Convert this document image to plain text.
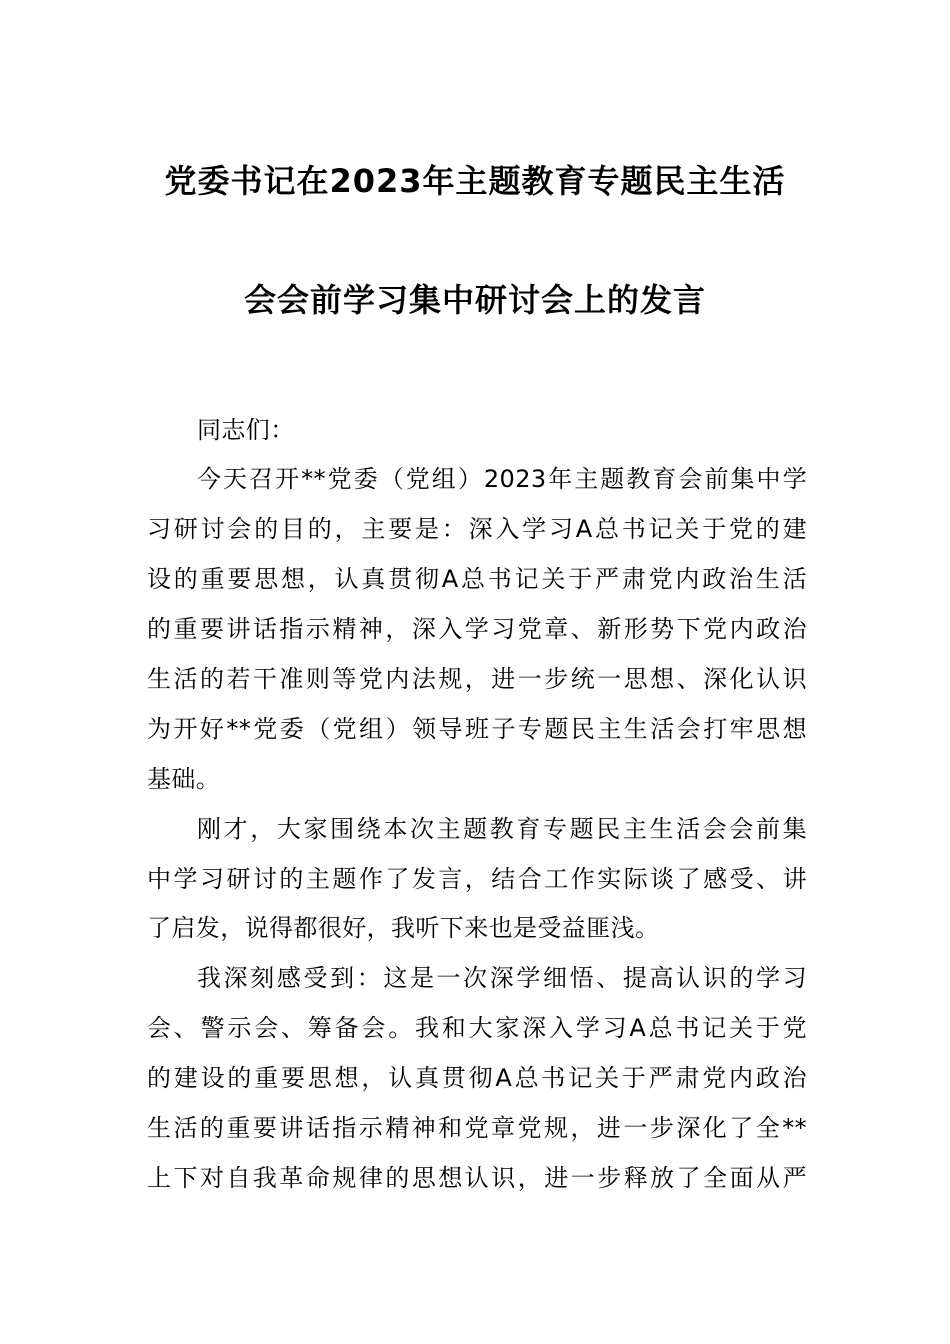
党委书记在2023年主题教育专题民主生活
会会前学习集中研讨会上的发言
同志们：
今天召开**党委（党组）2023年主题教育会前集中学
习研讨会的目的，主要是：深入学习A总书记关于党的建
设的重要思想，认真贯彻A总书记关于严肃党内政治生活
的重要讲话指示精神，深入学习党章、新形势下党内政治
生活的若干准则等党内法规，进一步统一思想、深化认识
为开好**党委（党组）领导班子专题民主生活会打牢思想
基础。
刚才，大家围绕本次主题教育专题民主生活会会前集
中学习研讨的主题作了发言，结合工作实际谈了感受、讲
了启发，说得都很好，我听下来也是受益匪浅。
我深刻感受到：这是一次深学细悟、提高认识的学习
会、警示会、筹备会。我和大家深入学习A总书记关于党
的建设的重要思想，认真贯彻A总书记关于严肃党内政治
生活的重要讲话指示精神和党章党规，进一步深化了全**
上下对自我革命规律的思想认识，进一步释放了全面从严
